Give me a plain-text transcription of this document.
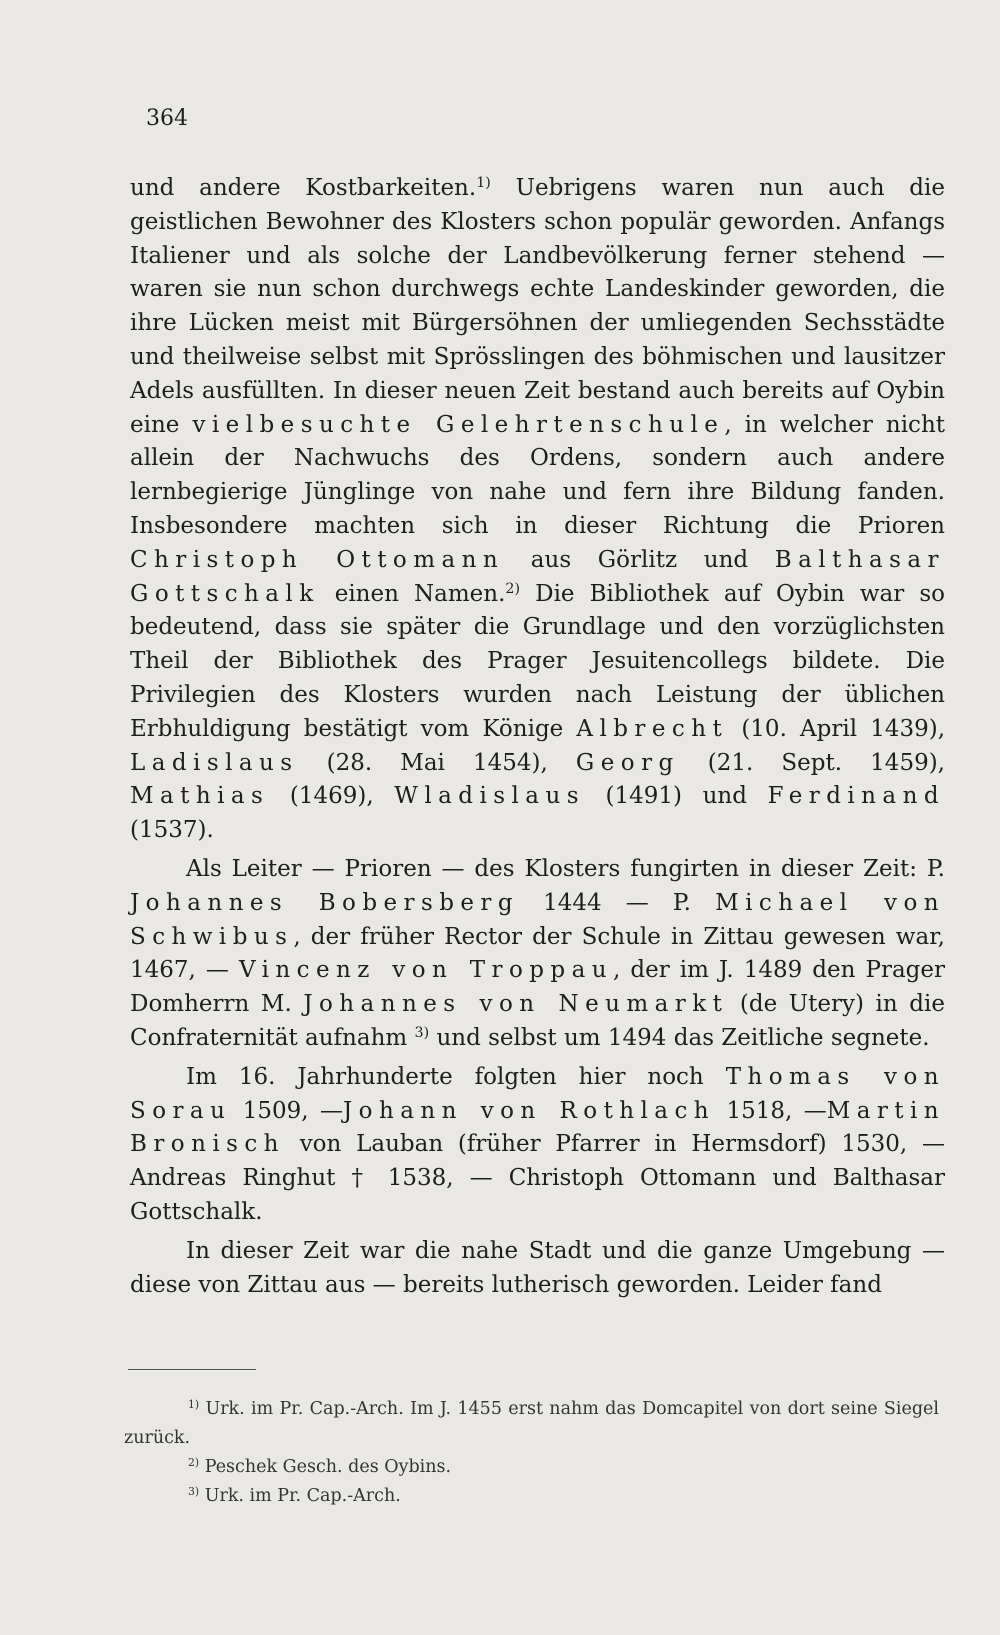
364

und andere Kostbarkeiten.$^{1)}$ Uebrigens waren nun auch die geistlichen Bewohner des Klosters schon populär geworden. Anfangs Italiener und als solche der Landbevölkerung ferner stehend — waren sie nun schon durchwegs echte Landeskinder geworden, die ihre Lücken meist mit Bürgersöhnen der umliegenden Sechsstädte und theilweise selbst mit Sprösslingen des böhmischen und lausitzer Adels ausfüllten. In dieser neuen Zeit bestand auch bereits auf Oybin eine vielbesuchte Gelehrtenschule, in welcher nicht allein der Nachwuchs des Ordens, sondern auch andere lernbegierige Jünglinge von nahe und fern ihre Bildung fanden. Insbesondere machten sich in dieser Richtung die Prioren Christoph Ottomann aus Görlitz und Balthasar Gottschalk einen Namen.$^{2)}$ Die Bibliothek auf Oybin war so bedeutend, dass sie später die Grundlage und den vorzüglichsten Theil der Bibliothek des Prager Jesuitencollegs bildete. Die Privilegien des Klosters wurden nach Leistung der üblichen Erbhuldigung bestätigt vom Könige Albrecht (10. April 1439), Ladislaus (28. Mai 1454), Georg (21. Sept. 1459), Mathias (1469), Wladislaus (1491) und Ferdinand (1537).

Als Leiter — Prioren — des Klosters fungirten in dieser Zeit: P. Johannes Bobersberg 1444 — P. Michael von Schwibus, der früher Rector der Schule in Zittau gewesen war, 1467, — Vincenz von Troppau, der im J. 1489 den Prager Domherrn M. Johannes von Neumarkt (de Utery) in die Confraternität aufnahm $^{3)}$ und selbst um 1494 das Zeitliche segnete.

Im 16. Jahrhunderte folgten hier noch Thomas von Sorau 1509, —Johann von Rothlach 1518, —Martin Bronisch von Lauban (früher Pfarrer in Hermsdorf) 1530, — Andreas Ringhut † 1538, — Christoph Ottomann und Balthasar Gottschalk.

In dieser Zeit war die nahe Stadt und die ganze Umgebung — diese von Zittau aus — bereits lutherisch geworden. Leider fand

$^{1)}$ Urk. im Pr. Cap.-Arch. Im J. 1455 erst nahm das Domcapitel von dort seine Siegel zurück.

$^{2)}$ Peschek Gesch. des Oybins.

$^{3)}$ Urk. im Pr. Cap.-Arch.
